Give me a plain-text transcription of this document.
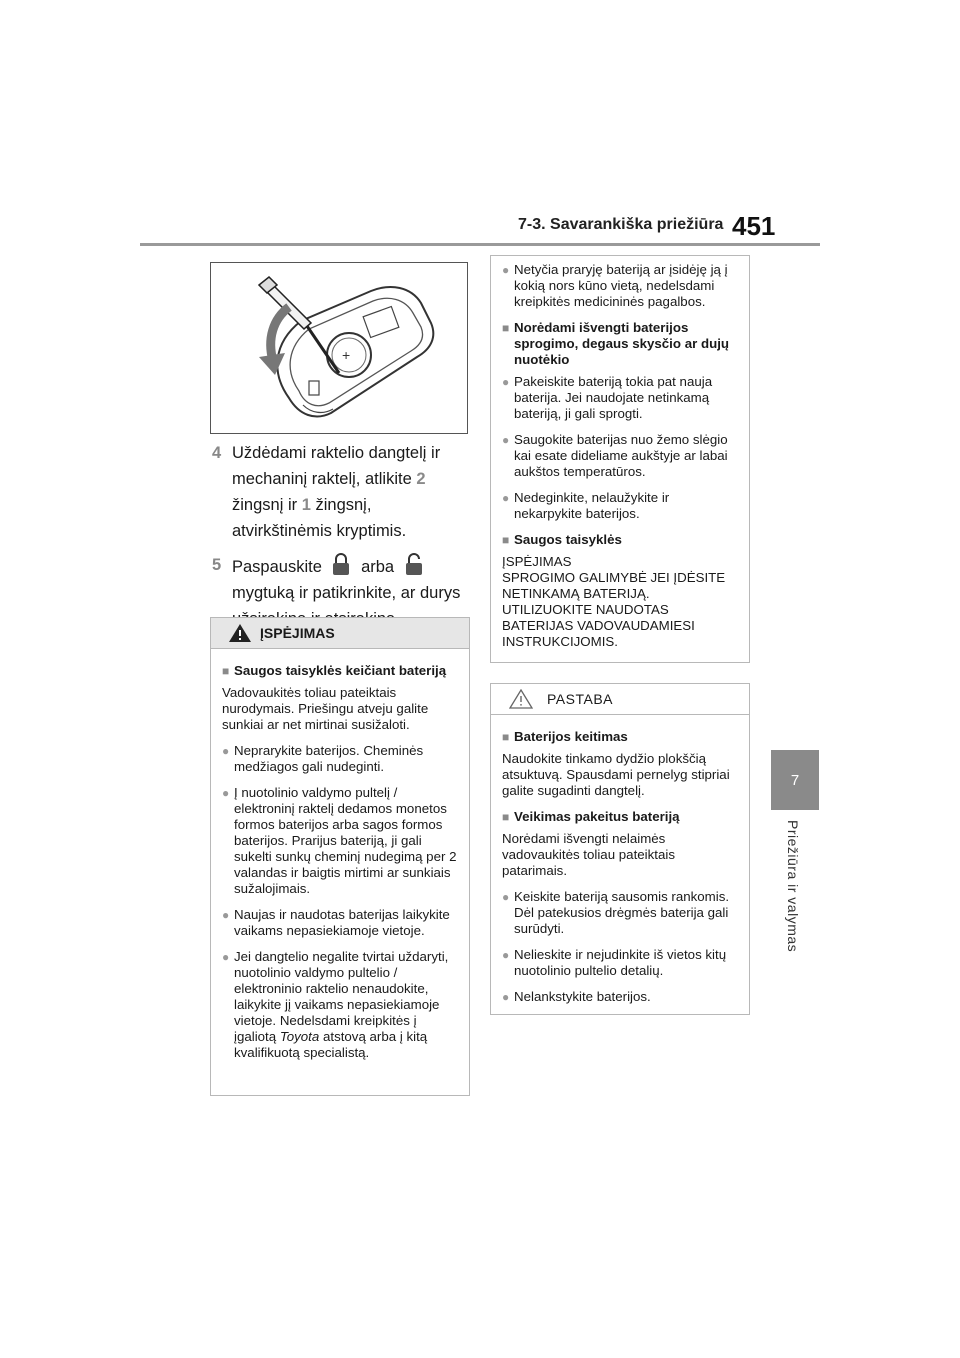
7-3. Savarankiška priežiūra 451
7
Priežiūra ir valymas
+
4 Uždėdami raktelio dangtelį ir mechaninį raktelį, atlikite 2 žingsnį ir 1 žingsnį, atvirkštinėmis kryptimis.
5 Paspauskite arba  mygtuką ir patikrinkite, ar durys
ĮSPĖJIMAS
■ Saugos taisyklės keičiant bateriją
Vadovaukitės toliau pateiktais nurodymais. Priešingu atveju galite sunkiai ar net mirtinai susižaloti.
● Neprarykite baterijos. Cheminės medžiagos gali nudeginti.
● Į nuotolinio valdymo pultelį / elektroninį raktelį dedamos monetos formos baterijos arba sagos formos baterijos. Prarijus bateriją, ji gali sukelti sunkų cheminį nudegimą per 2 valandas ir baigtis mirtimi ar sunkiais sužalojimais.
● Naujas ir naudotas baterijas laikykite vaikams nepasiekiamoje vietoje.
● Jei dangtelio negalite tvirtai uždaryti, nuotolinio valdymo pultelio / elektroninio raktelio nenaudokite, laikykite jį vaikams nepasiekiamoje vietoje. Nedelsdami kreipkitės į įgaliotą Toyota atstovą arba į kitą kvalifikuotą specialistą.
● Netyčia praryję bateriją ar įsidėję ją į kokią nors kūno vietą, nedelsdami kreipkitės medicininės pagalbos.
■ Norėdami išvengti baterijos sprogimo, degaus skysčio ar dujų nuotėkio
● Pakeiskite bateriją tokia pat nauja baterija. Jei naudojate netinkamą bateriją, ji gali sprogti.
● Saugokite baterijas nuo žemo slėgio kai esate dideliame aukštyje ar labai aukštos temperatūros.
● Nedeginkite, nelaužykite ir nekarpykite baterijos.
■ Saugos taisyklės
ĮSPĖJIMAS
SPROGIMO GALIMYBĖ JEI ĮDĖSITE NETINKAMĄ BATERIJĄ. UTILIZUOKITE NAUDOTAS BATERIJAS VADOVAUDAMIESI INSTRUKCIJOMIS.
PASTABA
■ Baterijos keitimas
Naudokite tinkamo dydžio plokščią atsuktuvą. Spausdami pernelyg stipriai galite sugadinti dangtelį.
■ Veikimas pakeitus bateriją
Norėdami išvengti nelaimės vadovaukitės toliau pateiktais patarimais.
● Keiskite bateriją sausomis rankomis.
Dėl patekusios drėgmės baterija gali surūdyti.
● Nelieskite ir nejudinkite iš vietos kitų nuotolinio pultelio detalių.
● Nelankstykite baterijos.
